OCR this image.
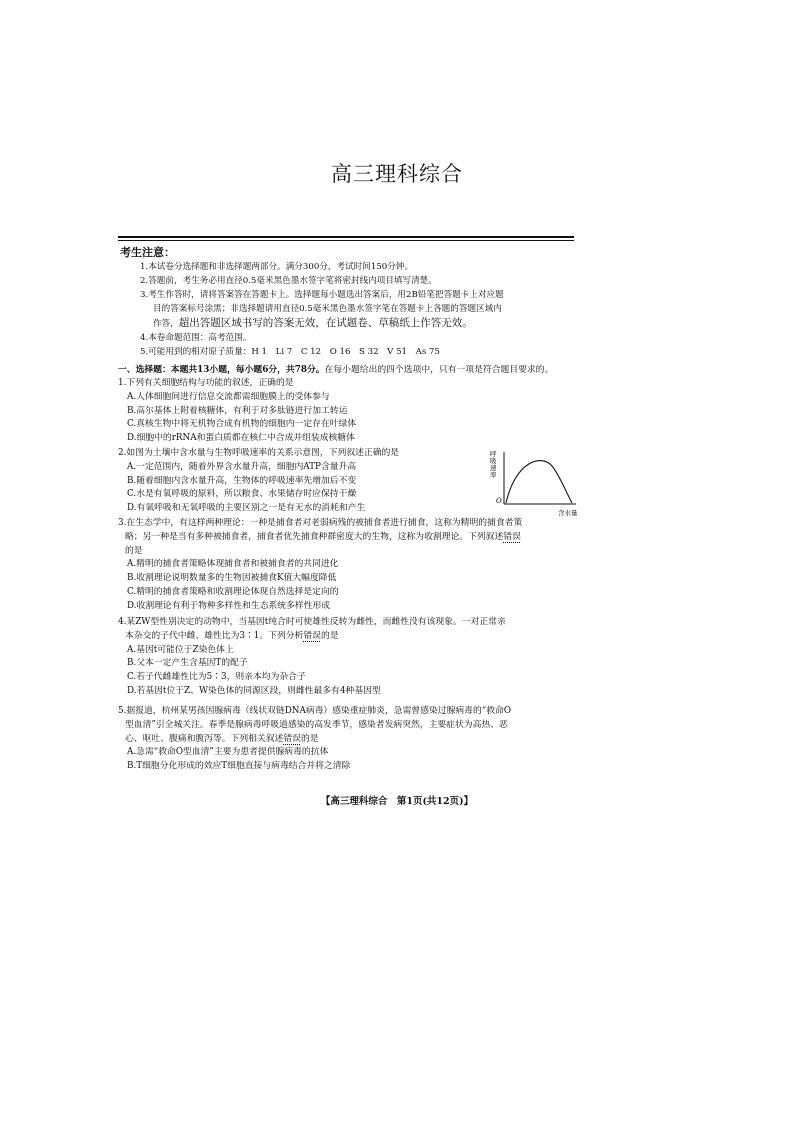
高三理科综合
考生注意：
1.本试卷分选择题和非选择题两部分。满分300分，考试时间150分钟。
2.答题前，考生务必用直径0.5毫米黑色墨水签字笔将密封线内项目填写清楚。
3.考生作答时，请将答案答在答题卡上。选择题每小题选出答案后，用2B铅笔把答题卡上对应题
目的答案标号涂黑；非选择题请用直径0.5毫米黑色墨水签字笔在答题卡上各题的答题区域内
作答，超出答题区域书写的答案无效，在试题卷、草稿纸上作答无效。
4.本卷命题范围：高考范围。
5.可能用到的相对原子质量：H 1　Li 7　C 12　O 16　S 32　V 51　As 75
一、选择题：本题共13小题，每小题6分，共78分。在每小题给出的四个选项中，只有一项是符合题目要求的。
1.下列有关细胞结构与功能的叙述，正确的是
A.人体细胞间进行信息交流都需细胞膜上的受体参与
B.高尔基体上附着核糖体，有利于对多肽链进行加工转运
C.真核生物中将无机物合成有机物的细胞内一定存在叶绿体
D.细胞中的rRNA和蛋白质都在核仁中合成并组装成核糖体
2.如图为土壤中含水量与生物呼吸速率的关系示意图，下列叙述正确的是
A.一定范围内，随着外界含水量升高，细胞内ATP含量升高
B.随着细胞内含水量升高，生物体的呼吸速率先增加后不变
C.水是有氧呼吸的原料，所以粮食、水果储存时应保持干燥
D.有氧呼吸和无氧呼吸的主要区别之一是有无水的消耗和产生
呼
吸
速
率
O
含水量
3.在生态学中，有这样两种理论：一种是捕食者对老弱病残的被捕食者进行捕食，这称为精明的捕食者策
略；另一种是当有多种被捕食者，捕食者优先捕食种群密度大的生物，这称为收割理论。下列叙述错误
的是
A.精明的捕食者策略体现捕食者和被捕食者的共同进化
B.收割理论说明数量多的生物因被捕食K值大幅度降低
C.精明的捕食者策略和收割理论体现自然选择是定向的
D.收割理论有利于物种多样性和生态系统多样性形成
4.某ZW型性别决定的动物中，当基因t纯合时可使雄性反转为雌性，而雌性没有该现象。一对正常亲
本杂交的子代中雌、雄性比为3∶1。下列分析错误的是
A.基因t可能位于Z染色体上
B.父本一定产生含基因T的配子
C.若子代雌雄性比为5∶3，则亲本均为杂合子
D.若基因t位于Z、W染色体的同源区段，则雌性最多有4种基因型
5.据报道，杭州某男孩因腺病毒（线状双链DNA病毒）感染重症肺炎，急需曾感染过腺病毒的“救命O
型血清”引全城关注。春季是腺病毒呼吸道感染的高发季节，感染者发病突然，主要症状为高热、恶
心、呕吐、腹痛和腹泻等。下列相关叙述错误的是
A.急需“救命O型血清”主要为患者提供腺病毒的抗体
B.T细胞分化形成的效应T细胞直接与病毒结合并将之清除
【高三理科综合　第1页(共12页)】
